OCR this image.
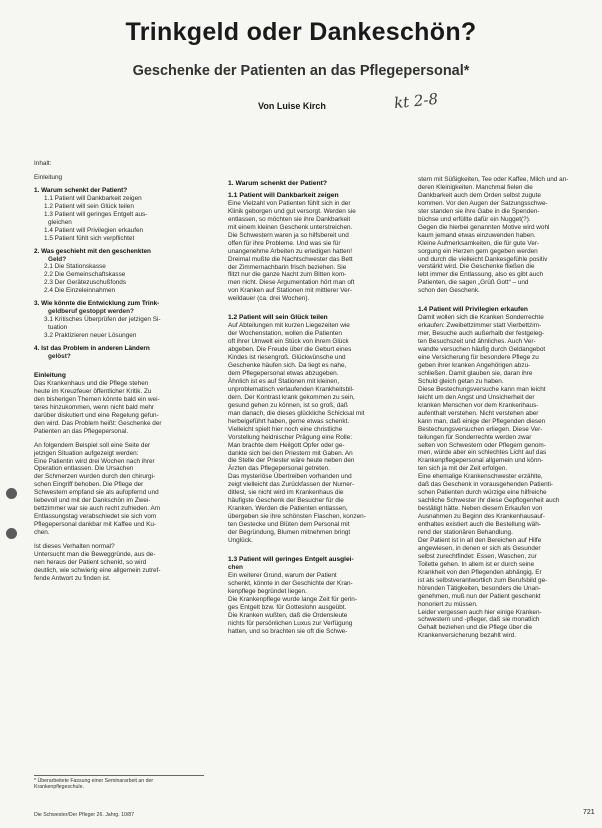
Trinkgeld oder Dankeschön?
Geschenke der Patienten an das Pflegepersonal*
Von Luise Kirch	kt 2-8

Inhalt:

Einleitung

1. Warum schenkt der Patient?

1.1 Patient will Dankbarkeit zeigen

1.2 Patient will sein Glück teilen

1.3 Patient will geringes Entgelt aus-

gleichen

1.4 Patient will Privilegien erkaufen

1.5 Patient fühlt sich verpflichtet

2. Was geschieht mit den geschenkten

Geld?

2.1 Die Stationskasse

2.2 Die Gemeinschaftskasse

2.3 Der Gerätezuschußfonds

2.4 Die Einzeleinnahmen

3. Wie könnte die Entwicklung zum Trink-

geldberuf gestoppt werden?

3.1 Kritisches Überprüfen der jetzigen Si-

tuation

3.2 Praktizieren neuer Lösungen

4. Ist das Problem in anderen Ländern

gelöst?

Einleitung

Das Krankenhaus und die Pflege stehen

heute im Kreuzfeuer öffentlicher Kritik. Zu

den bisherigen Themen könnte bald ein wei-

teres hinzukommen, wenn nicht bald mehr

darüber diskutiert und eine Regelung gefun-

den wird. Das Problem heißt: Geschenke der

Patienten an das Pflegepersonal.

An folgendem Beispiel soll eine Seite der

jetzigen Situation aufgezeigt werden:

Eine Patientin wird drei Wochen nach ihrer

Operation entlassen. Die Ursachen

der Schmerzen wurden durch den chirurgi-

schen Eingriff behoben. Die Pflege der

Schwestern empfand sie als aufopfernd und

liebevoll und mit der Dankschön im Zwei-

bettzimmer war sie auch recht zufrieden. Am

Entlassungstag verabschiedet sie sich vom

Pflegepersonal dankbar mit Kaffee und Ku-

chen.

Ist dieses Verhalten normal?

Untersucht man die Beweggründe, aus de-

nen heraus der Patient schenkt, so wird

deutlich, wie schwierig eine allgemein zutref-

fende Antwort zu finden ist.

1. Warum schenkt der Patient?

1.1 Patient will Dankbarkeit zeigen

Eine Vielzahl von Patienten fühlt sich in der

Klinik geborgen und gut versorgt. Werden sie

entlassen, so möchten sie ihre Dankbarkeit

mit einem kleinen Geschenk unterstreichen.

Die Schwestern waren ja so hilfsbereit und

offen für ihre Probleme. Und was sie für

unangenehme Arbeiten zu erledigen hatten!

Dreimal mußte die Nachtschwester das Bett

der Zimmernachbarin frisch beziehen. Sie

flitzt nur die ganze Nacht zum Bitten kom-

men nicht. Diese Argumentation hört man oft

von Kranken auf Stationen mit mittlerer Ver-

weildauer (ca. drei Wochen).

1.2 Patient will sein Glück teilen

Auf Abteilungen mit kurzen Liegezeiten wie

der Wochenstation, wollen die Patienten

oft ihrer Umwelt ein Stück von ihrem Glück

abgeben. Die Freude über die Geburt eines

Kindes ist riesengroß. Glückwünsche und

Geschenke häufen sich. Da liegt es nahe,

dem Pflegepersonal etwas abzugeben.

Ähnlich ist es auf Stationen mit kleinen,

unproblematisch verlaufenden Krankheitsbil-

dern. Der Kontrast krank gekommen zu sein,

gesund gehen zu können, ist so groß, daß

man danach, die dieses glückliche Schicksal mit

herbeigeführt haben, gerne etwas schenkt.

Vielleicht spielt hier noch eine christliche

Vorstellung heidnischer Prägung eine Rolle:

Man brachte dem Heilgott Opfer oder ge-

dankte sich bei den Priestern mit Gaben. An

die Stelle der Priester wäre heute neben den

Ärzten das Pflegepersonal getreten.

Das mysteriöse Übertreiben vorhanden und

zeigt vielleicht das Zurückfassen der Numer-

ditlest, sie nicht wird im Krankenhaus die

häufigste Geschenk der Besucher für die

Kranken. Werden die Patienten entlassen,

übergeben sie ihre schönsten Flaschen, konzen-

ten Gestecke und Blüten dem Personal mit

der Begründung, Blumen mitnehmen bringt

Unglück.

1.3 Patient will geringes Entgelt ausglei-

chen

Ein weiterer Grund, warum der Patient

schenkt, könnte in der Geschichte der Kran-

kenpflege begründet liegen.

Die Krankenpflege wurde lange Zeit für gerin-

ges Entgelt bzw. für Gotteslohn ausgeübt.

Die Kranken wußten, daß die Ordensleute

nichts für persönlichen Luxus zur Verfügung

hatten, und so brachten sie oft die Schwe-

stern mit Süßigkeiten, Tee oder Kaffee, Milch und an-

deren Kleinigkeiten. Manchmal fielen die

Dankbarkeit auch dem Orden selbst zugute

kommen. Vor den Augen der Satzungsschwe-

ster standen sie ihre Gabe in die Spenden-

büchse und erfüllte dafür ein Nugget(?).

Gegen die hierbei genannten Motive wird wohl

kaum jemand etwas einzuwenden haben.

Kleine Aufmerksamkeiten, die für gute Ver-

sorgung ein Herzen gern gegeben werden

und durch die vielleicht Dankesgefühle positiv

verstärkt wird. Die Geschenke fließen die

lebt immer die Entlassung, also es gibt auch

Patienten, die sagen „Grüß Gott“ – und

schon den Geschenk.

1.4 Patient will Privilegien erkaufen

Damit wollen sich die Kranken Sonderrechte

erkaufen: Zweibettzimmer statt Vierbettzim-

mer, Besuche auch außerhalb der festgeleg-

ten Besuchszeit und ähnliches. Auch Ver-

wandte versuchen häufig durch Geldangebot

eine Versicherung für besondere Pflege zu

geben ihrer kranken Angehörigen abzu-

schließen. Damit glauben sie, daran ihre

Schuld gleich getan zu haben.

Diese Bestechungsversuche kann man leicht

leicht um den Angst und Unsicherheit der

kranken Menschen vor dem Krankenhaus-

aufenthalt verstehen. Nicht verstehen aber

kann man, daß einige der Pflegenden diesen

Bestechungsversuchen erliegen. Diese Ver-

teilungen für Sonderrechte werden zwar

selten von Schwestern oder Pflegern genom-

men, würde aber ein schlechtes Licht auf das

Krankenpflegepersonal allgemein und könn-

ten sich ja mit der Zeit erfolgen.

Eine ehemalige Krankenschwester erzählte,

daß das Geschenk in vorausgehenden Patienti-

schen Patienten durch würzige eine hilfreiche

sachliche Schwester ihr diese Gepflogenheit auch

bestätigt hätte. Neben diesem Erkaufen von

Ausnahmen zu Beginn des Krankenhausauf-

enthaltes existiert auch die Bestellung wäh-

rend der stationären Behandlung.

Der Patient ist in all den Bereichen auf Hilfe

angewiesen, in denen er sich als Gesunder

selbst zurechtfindet: Essen, Waschen, zur

Toilette gehen. In allem ist er durch seine

Krankheit von den Pflegenden abhängig. Er

ist als selbstverantwortlich zum Berufsbild ge-

hörenden Tätigkeiten, besonders die Unan-

genehmen, muß nun der Patient geschenkt

honoriert zu müssen.

Leider vergessen auch hier einige Kranken-

schwestern und -pfleger, daß sie monatlich

Gehalt beziehen und die Pflege über die

Krankenversicherung bezahlt wird.

* Überarbeitete Fassung einer Seminararbeit an der Krankenpflegeschule.
Die Schwester/Der Pfleger 26. Jahrg. 10/87	721
